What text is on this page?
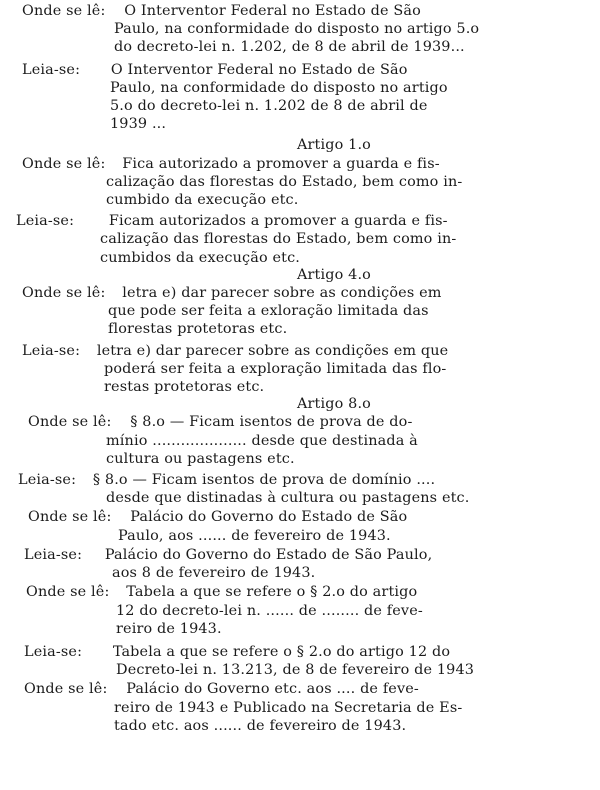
Onde se lê: O Interventor Federal no Estado de São
Paulo, na conformidade do disposto no artigo 5.o
do decreto-lei n. 1.202, de 8 de abril de 1939...
Leia-se: O Interventor Federal no Estado de São
Paulo, na conformidade do disposto no artigo
5.o do decreto-lei n. 1.202 de 8 de abril de
1939 ...
Artigo 1.o
Onde se lê: Fica autorizado a promover a guarda e fis-
calização das florestas do Estado, bem como in-
cumbido da execução etc.
Leia-se: Ficam autorizados a promover a guarda e fis-
calização das florestas do Estado, bem como in-
cumbidos da execução etc.
Artigo 4.o
Onde se lê: letra e) dar parecer sobre as condições em
que pode ser feita a exloração limitada das
florestas protetoras etc.
Leia-se: letra e) dar parecer sobre as condições em que
poderá ser feita a exploração limitada das flo-
restas protetoras etc.
Artigo 8.o
Onde se lê: § 8.o — Ficam isentos de prova de do-
mínio .................... desde que destinada à
cultura ou pastagens etc.
Leia-se: § 8.o — Ficam isentos de prova de domínio ....
desde que distinadas à cultura ou pastagens etc.
Onde se lê: Palácio do Governo do Estado de São
Paulo, aos ...... de fevereiro de 1943.
Leia-se: Palácio do Governo do Estado de São Paulo,
aos 8 de fevereiro de 1943.
Onde se lê: Tabela a que se refere o § 2.o do artigo
12 do decreto-lei n. ...... de ........ de feve-
reiro de 1943.
Leia-se: Tabela a que se refere o § 2.o do artigo 12 do
Decreto-lei n. 13.213, de 8 de fevereiro de 1943
Onde se lê: Palácio do Governo etc. aos .... de feve-
reiro de 1943 e Publicado na Secretaria de Es-
tado etc. aos ...... de fevereiro de 1943.
